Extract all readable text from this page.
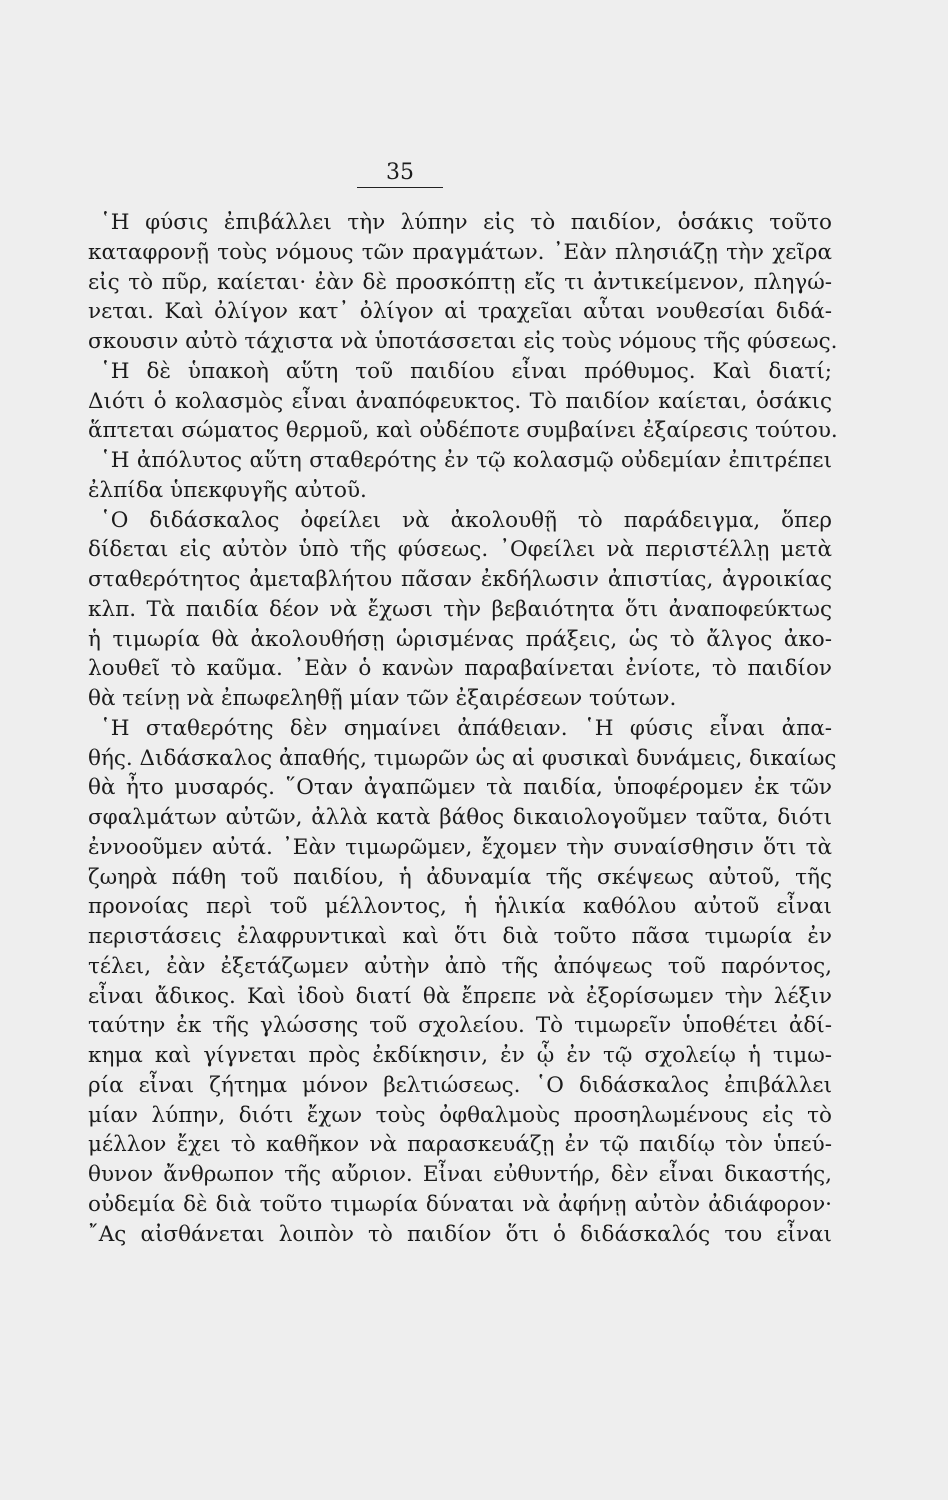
35
῾Η φύσις ἐπιβάλλει τὴν λύπην εἰς τὸ παιδίον, ὁσάκις τοῦτο
καταφρονῇ τοὺς νόμους τῶν πραγμάτων. ᾿Εὰν πλησιάζῃ τὴν χεῖρα
εἰς τὸ πῦρ, καίεται· ἐὰν δὲ προσκόπτῃ εἴς τι ἀντικείμενον, πληγώ-
νεται. Καὶ ὀλίγον κατ᾽ ὀλίγον αἱ τραχεῖαι αὗται νουθεσίαι διδά-
σκουσιν αὐτὸ τάχιστα νὰ ὑποτάσσεται εἰς τοὺς νόμους τῆς φύσεως.
῾Η δὲ ὑπακοὴ αὕτη τοῦ παιδίου εἶναι πρόθυμος. Καὶ διατί;
Διότι ὁ κολασμὸς εἶναι ἀναπόφευκτος. Τὸ παιδίον καίεται, ὁσάκις
ἅπτεται σώματος θερμοῦ, καὶ οὐδέποτε συμβαίνει ἐξαίρεσις τούτου.
῾Η ἀπόλυτος αὕτη σταθερότης ἐν τῷ κολασμῷ οὐδεμίαν ἐπιτρέπει
ἐλπίδα ὑπεκφυγῆς αὐτοῦ.
῾Ο διδάσκαλος ὀφείλει νὰ ἀκολουθῇ τὸ παράδειγμα, ὅπερ
δίδεται εἰς αὐτὸν ὑπὸ τῆς φύσεως. ᾿Οφείλει νὰ περιστέλλῃ μετὰ
σταθερότητος ἀμεταβλήτου πᾶσαν ἐκδήλωσιν ἀπιστίας, ἀγροικίας
κλπ. Τὰ παιδία δέον νὰ ἔχωσι τὴν βεβαιότητα ὅτι ἀναποφεύκτως
ἡ τιμωρία θὰ ἀκολουθήσῃ ὡρισμένας πράξεις, ὡς τὸ ἄλγος ἀκο-
λουθεῖ τὸ καῦμα. ᾿Εὰν ὁ κανὼν παραβαίνεται ἐνίοτε, τὸ παιδίον
θὰ τείνῃ νὰ ἐπωφεληθῇ μίαν τῶν ἐξαιρέσεων τούτων.
῾Η σταθερότης δὲν σημαίνει ἀπάθειαν. ῾Η φύσις εἶναι ἀπα-
θής. Διδάσκαλος ἀπαθής, τιμωρῶν ὡς αἱ φυσικαὶ δυνάμεις, δικαίως
θὰ ἦτο μυσαρός. ῞Οταν ἀγαπῶμεν τὰ παιδία, ὑποφέρομεν ἐκ τῶν
σφαλμάτων αὐτῶν, ἀλλὰ κατὰ βάθος δικαιολογοῦμεν ταῦτα, διότι
ἐννοοῦμεν αὐτά. ᾿Εὰν τιμωρῶμεν, ἔχομεν τὴν συναίσθησιν ὅτι τὰ
ζωηρὰ πάθη τοῦ παιδίου, ἡ ἀδυναμία τῆς σκέψεως αὐτοῦ, τῆς
προνοίας περὶ τοῦ μέλλοντος, ἡ ἡλικία καθόλου αὐτοῦ εἶναι
περιστάσεις ἐλαφρυντικαὶ καὶ ὅτι διὰ τοῦτο πᾶσα τιμωρία ἐν
τέλει, ἐὰν ἐξετάζωμεν αὐτὴν ἀπὸ τῆς ἀπόψεως τοῦ παρόντος,
εἶναι ἄδικος. Καὶ ἰδοὺ διατί θὰ ἔπρεπε νὰ ἐξορίσωμεν τὴν λέξιν
ταύτην ἐκ τῆς γλώσσης τοῦ σχολείου. Τὸ τιμωρεῖν ὑποθέτει ἀδί-
κημα καὶ γίγνεται πρὸς ἐκδίκησιν, ἐν ᾧ ἐν τῷ σχολείῳ ἡ τιμω-
ρία εἶναι ζήτημα μόνον βελτιώσεως. ῾Ο διδάσκαλος ἐπιβάλλει
μίαν λύπην, διότι ἔχων τοὺς ὀφθαλμοὺς προσηλωμένους εἰς τὸ
μέλλον ἔχει τὸ καθῆκον νὰ παρασκευάζῃ ἐν τῷ παιδίῳ τὸν ὑπεύ-
θυνον ἄνθρωπον τῆς αὔριον. Εἶναι εὐθυντήρ, δὲν εἶναι δικαστής,
οὐδεμία δὲ διὰ τοῦτο τιμωρία δύναται νὰ ἀφήνῃ αὐτὸν ἀδιάφορον·
῎Ας αἰσθάνεται λοιπὸν τὸ παιδίον ὅτι ὁ διδάσκαλός του εἶναι
